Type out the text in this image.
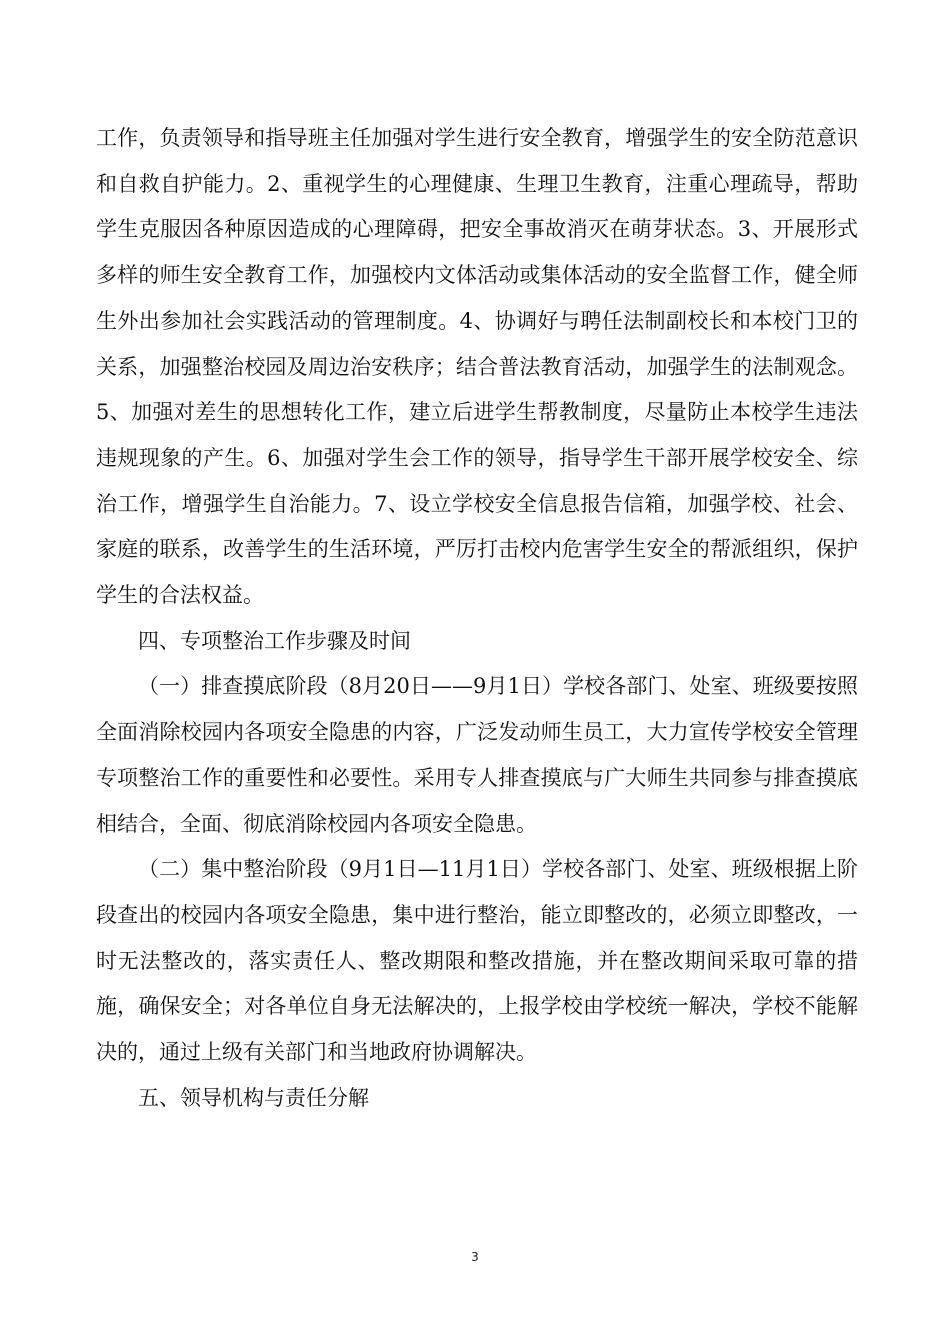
工作，负责领导和指导班主任加强对学生进行安全教育，增强学生的安全防范意识和自救自护能力。2、重视学生的心理健康、生理卫生教育，注重心理疏导，帮助学生克服因各种原因造成的心理障碍，把安全事故消灭在萌芽状态。3、开展形式多样的师生安全教育工作，加强校内文体活动或集体活动的安全监督工作，健全师生外出参加社会实践活动的管理制度。4、协调好与聘任法制副校长和本校门卫的关系，加强整治校园及周边治安秩序；结合普法教育活动，加强学生的法制观念。5、加强对差生的思想转化工作，建立后进学生帮教制度，尽量防止本校学生违法违规现象的产生。6、加强对学生会工作的领导，指导学生干部开展学校安全、综治工作，增强学生自治能力。7、设立学校安全信息报告信箱，加强学校、社会、家庭的联系，改善学生的生活环境，严厉打击校内危害学生安全的帮派组织，保护学生的合法权益。

四、专项整治工作步骤及时间

（一）排查摸底阶段（8月20日——9月1日）学校各部门、处室、班级要按照全面消除校园内各项安全隐患的内容，广泛发动师生员工，大力宣传学校安全管理专项整治工作的重要性和必要性。采用专人排查摸底与广大师生共同参与排查摸底相结合，全面、彻底消除校园内各项安全隐患。

（二）集中整治阶段（9月1日—11月1日）学校各部门、处室、班级根据上阶段查出的校园内各项安全隐患，集中进行整治，能立即整改的，必须立即整改，一时无法整改的，落实责任人、整改期限和整改措施，并在整改期间采取可靠的措施，确保安全；对各单位自身无法解决的，上报学校由学校统一解决，学校不能解决的，通过上级有关部门和当地政府协调解决。

五、领导机构与责任分解

3
